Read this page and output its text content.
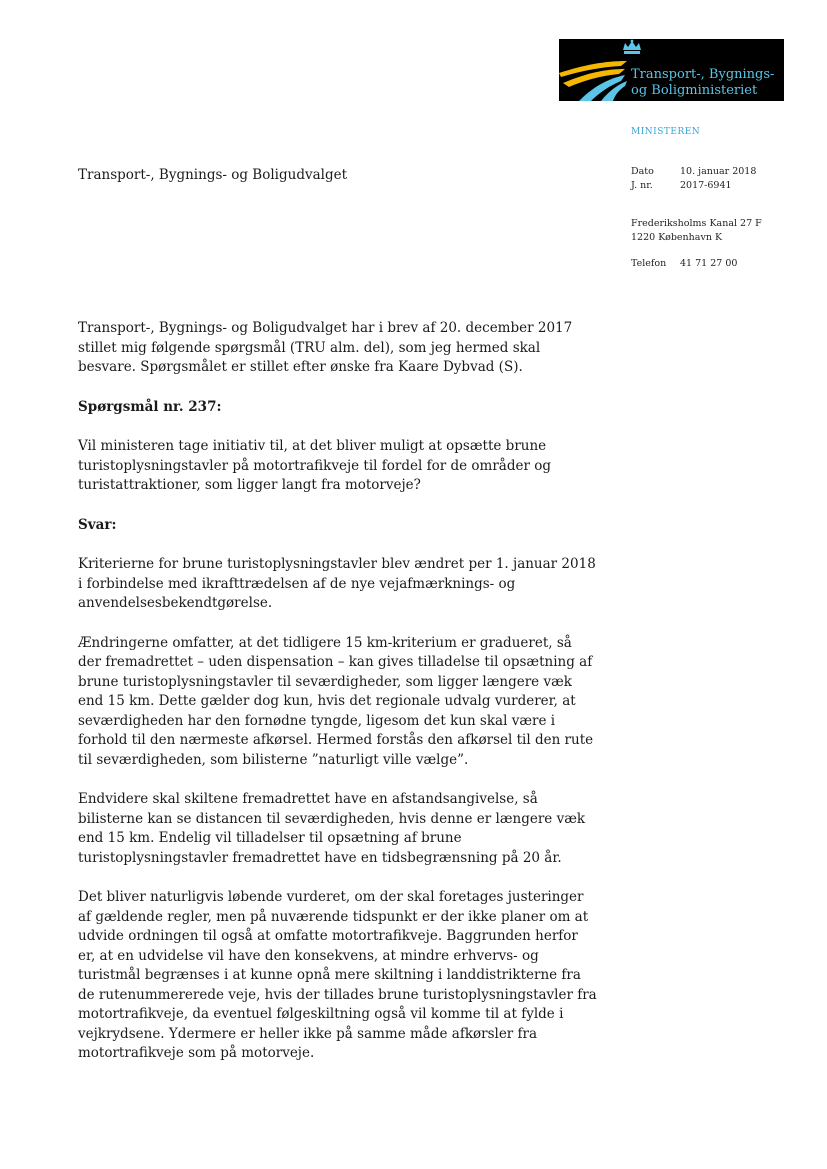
Transport-, Bygnings-
og Boligministeriet
MINISTEREN
Dato	10. januar 2018
J. nr.	2017-6941
Frederiksholms Kanal 27 F
1220 København K
Telefon 41 71 27 00
Transport-, Bygnings- og Boligudvalget

Transport-, Bygnings- og Boligudvalget har i brev af 20. december 2017 stillet mig følgende spørgsmål (TRU alm. del), som jeg hermed skal besvare. Spørgsmålet er stillet efter ønske fra Kaare Dybvad (S).

Spørgsmål nr. 237:

Vil ministeren tage initiativ til, at det bliver muligt at opsætte brune turistoplysningstavler på motortrafikveje til fordel for de områder og turistattraktioner, som ligger langt fra motorveje?

Svar:

Kriterierne for brune turistoplysningstavler blev ændret per 1. januar 2018 i forbindelse med ikrafttrædelsen af de nye vejafmærknings- og anvendelsesbekendtgørelse.

Ændringerne omfatter, at det tidligere 15 km-kriterium er gradueret, så der fremadrettet – uden dispensation – kan gives tilladelse til opsætning af brune turistoplysningstavler til seværdigheder, som ligger længere væk end 15 km. Dette gælder dog kun, hvis det regionale udvalg vurderer, at seværdigheden har den fornødne tyngde, ligesom det kun skal være i forhold til den nærmeste afkørsel. Hermed forstås den afkørsel til den rute til seværdigheden, som bilisterne ”naturligt ville vælge”.

Endvidere skal skiltene fremadrettet have en afstandsangivelse, så bilisterne kan se distancen til seværdigheden, hvis denne er længere væk end 15 km. Endelig vil tilladelser til opsætning af brune turistoplysningstavler fremadrettet have en tidsbegrænsning på 20 år.

Det bliver naturligvis løbende vurderet, om der skal foretages justeringer af gældende regler, men på nuværende tidspunkt er der ikke planer om at udvide ordningen til også at omfatte motortrafikveje. Baggrunden herfor er, at en udvidelse vil have den konsekvens, at mindre erhvervs- og turistmål begrænses i at kunne opnå mere skiltning i landdistrikterne fra de rutenummererede veje, hvis der tillades brune turistoplysningstavler fra motortrafikveje, da eventuel følgeskiltning også vil komme til at fylde i vejkrydsene. Ydermere er heller ikke på samme måde afkørsler fra motortrafikveje som på motorveje.
